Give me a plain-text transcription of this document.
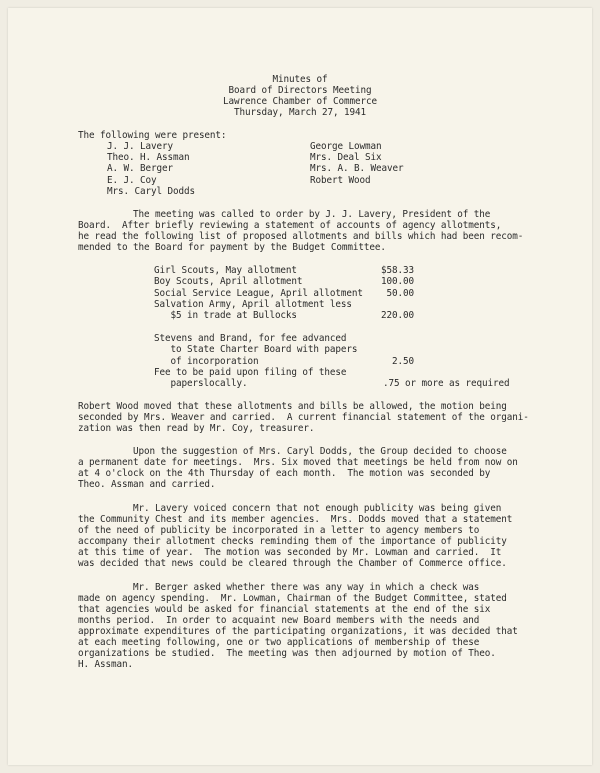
Minutes of
Board of Directors Meeting
Lawrence Chamber of Commerce
Thursday, March 27, 1941
The following were present:
J. J. Lavery
Theo. H. Assman
A. W. Berger
E. J. Coy
Mrs. Caryl Dodds
George Lowman
Mrs. Deal Six
Mrs. A. B. Weaver
Robert Wood
The meeting was called to order by J. J. Lavery, President of the
Board.  After briefly reviewing a statement of accounts of agency allotments,
he read the following list of proposed allotments and bills which had been recom-
mended to the Board for payment by the Budget Committee.
Girl Scouts, May allotment	$58.33
Boy Scouts, April allotment	100.00
Social Service League, April allotment	50.00
Salvation Army, April allotment less
$5 in trade at Bullocks	220.00
Stevens and Brand, for fee advanced
to State Charter Board with papers
of incorporation	2.50
Fee to be paid upon filing of these
paperslocally.	.75 or more as required
Robert Wood moved that these allotments and bills be allowed, the motion being
seconded by Mrs. Weaver and carried.  A current financial statement of the organi-
zation was then read by Mr. Coy, treasurer.
Upon the suggestion of Mrs. Caryl Dodds, the Group decided to choose
a permanent date for meetings.  Mrs. Six moved that meetings be held from now on
at 4 o'clock on the 4th Thursday of each month.  The motion was seconded by
Theo. Assman and carried.
Mr. Lavery voiced concern that not enough publicity was being given
the Community Chest and its member agencies.  Mrs. Dodds moved that a statement
of the need of publicity be incorporated in a letter to agency members to
accompany their allotment checks reminding them of the importance of publicity
at this time of year.  The motion was seconded by Mr. Lowman and carried.  It
was decided that news could be cleared through the Chamber of Commerce office.
Mr. Berger asked whether there was any way in which a check was
made on agency spending.  Mr. Lowman, Chairman of the Budget Committee, stated
that agencies would be asked for financial statements at the end of the six
months period.  In order to acquaint new Board members with the needs and
approximate expenditures of the participating organizations, it was decided that
at each meeting following, one or two applications of membership of these
organizations be studied.  The meeting was then adjourned by motion of Theo.
H. Assman.
